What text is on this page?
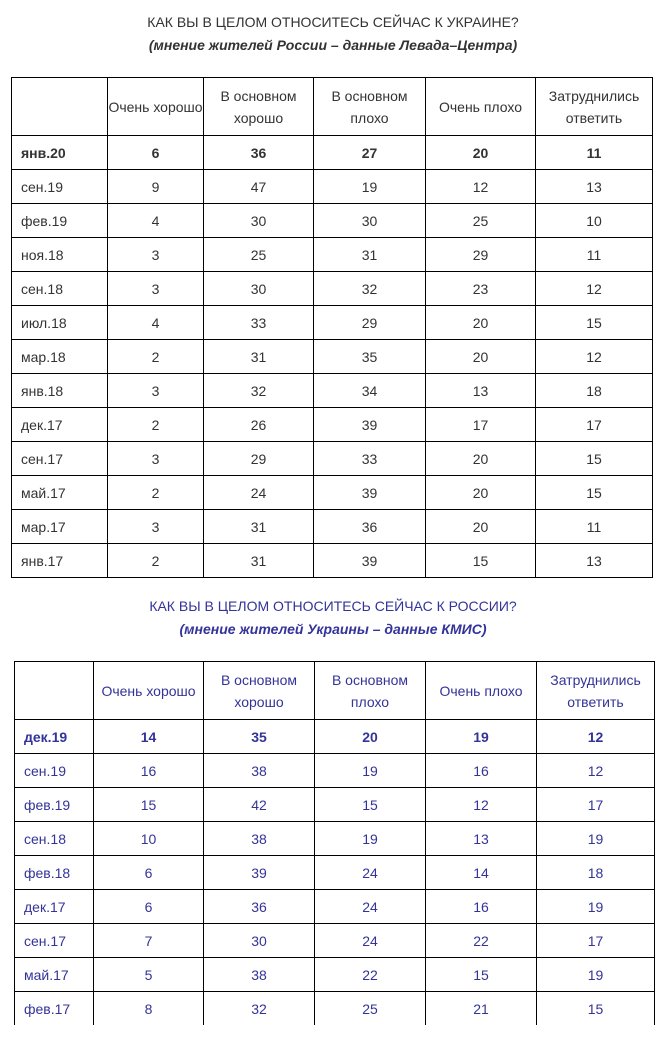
КАК ВЫ В ЦЕЛОМ ОТНОСИТЕСЬ СЕЙЧАС К УКРАИНЕ?
(мнение жителей России – данные Левада–Центра)
	Очень хорошо	В основном хорошо	В основном плохо	Очень плохо	Затруднились ответить
янв.20	6	36	27	20	11
сен.19	9	47	19	12	13
фев.19	4	30	30	25	10
ноя.18	3	25	31	29	11
сен.18	3	30	32	23	12
июл.18	4	33	29	20	15
мар.18	2	31	35	20	12
янв.18	3	32	34	13	18
дек.17	2	26	39	17	17
сен.17	3	29	33	20	15
май.17	2	24	39	20	15
мар.17	3	31	36	20	11
янв.17	2	31	39	15	13
КАК ВЫ В ЦЕЛОМ ОТНОСИТЕСЬ СЕЙЧАС К РОССИИ?
(мнение жителей Украины – данные КМИС)
	Очень хорошо	В основном хорошо	В основном плохо	Очень плохо	Затруднились ответить
дек.19	14	35	20	19	12
сен.19	16	38	19	16	12
фев.19	15	42	15	12	17
сен.18	10	38	19	13	19
фев.18	6	39	24	14	18
дек.17	6	36	24	16	19
сен.17	7	30	24	22	17
май.17	5	38	22	15	19
фев.17	8	32	25	21	15
